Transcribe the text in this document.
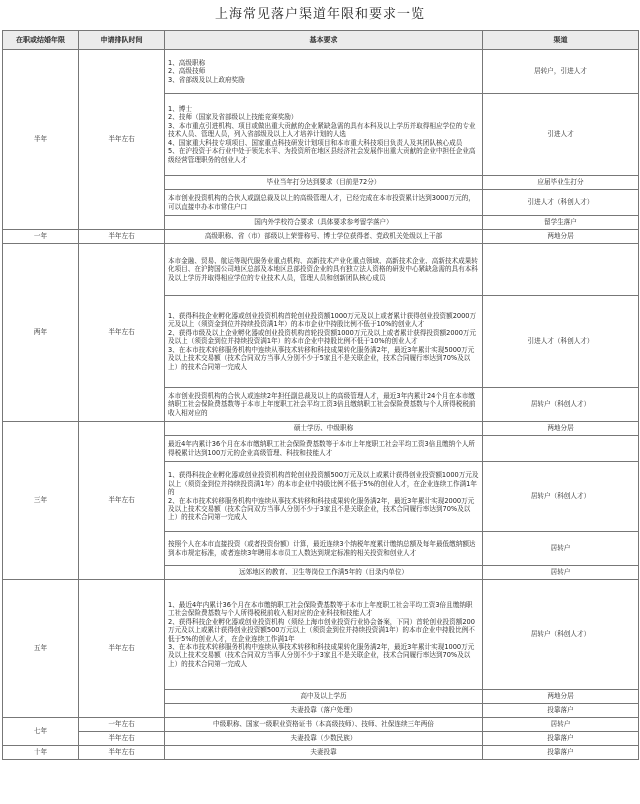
上海常见落户渠道年限和要求一览
在职或结婚年限	申请排队时间	基本要求	渠道
半年	半年左右	1、高级职称
2、高级技师
3、省部级及以上政府奖励	居转户，引进人才
		1、博士
2、技师（国家及省部级以上技能竞赛奖励）
3、本市重点引进机构、项目或做出重大贡献的企业紧缺急需的具有本科及以上学历并取得相应学位的专业技术人员、管理人员，列入省部级及以上人才培养计划的人选
4、国家重大科技专项项目、国家重点科技研发计划项目和本市重大科技项目负责人及其团队核心成员
5、在沪投资于本行业中处于领先水平、为投资所在地区县经济社会发展作出重大贡献的企业中担任企业高级经营管理职务的创业人才	引进人才
		毕业当年打分达到要求（目前是72分）	应届毕业生打分
		本市创业投资机构的合伙人或副总裁及以上的高级管理人才，已经完成在本市投资累计达到3000万元的，可以直接申办本市常住户口	引进人才（科创人才）
		国内外学校符合要求（具体要求参考留学落户）	留学生落户
一年	半年左右	高级职称、省（市）部级以上荣誉称号、博士学位获得者、党政机关处级以上干部	两地分居
两年	半年左右	本市金融、贸易、航运等现代服务业重点机构、高新技术产业化重点领域、高新技术企业、高新技术成果转化项目、在沪跨国公司地区总部及本地区总部投资企业的具有独立法人资格的研发中心紧缺急需的具有本科及以上学历并取得相应学位的专业技术人员，管理人员和创新团队核心成员	
		1、获得科技企业孵化器或创业投资机构首轮创业投资额1000万元及以上或者累计获得创业投资额2000万元及以上（须资金到位并持续投资满1年）的本市企业中持股比例不低于10%的创业人才
2、获得市级及以上企业孵化器或创业投资机构首轮投资额1000万元及以上或者累计获得投资额2000万元及以上（须资金到位并持续投资满1年）的本市企业中持股比例不低于10%的创业人才
3、在本市技术转移服务机构中连续从事技术转移和科技成果转化服务满2年，最近3年累计实现5000万元及以上技术交易额（技术合同双方当事人分别不少于5家且不是关联企业，技术合同履行率达到70%及以上）的技术合同第一完成人	引进人才（科创人才）
		本市创业投资机构的合伙人或连续2年担任副总裁及以上的高级管理人才，最近3年内累计24个月在本市缴纳职工社会保险费基数等于本市上年度职工社会平均工资3倍且缴纳职工社会保险费基数与个人所得税税前收入相对应的	居转户（科创人才）
三年	半年左右	硕士学历、中级职称	两地分居
		最近4年内累计36个月在本市缴纳职工社会保险费基数等于本市上年度职工社会平均工资3倍且缴纳个人所得税累计达到100万元的企业高级管理、科技和技能人才	
		1、获得科技企业孵化器或创业投资机构首轮创业投资额500万元及以上或累计获得创业投资额1000万元及以上（须资金到位并持续投资满1年）的本市企业中持股比例不低于5%的创业人才，在企业连续工作满1年的
2、在本市技术转移服务机构中连续从事技术转移和科技成果转化服务满2年，最近3年累计实现2000万元及以上技术交易额（技术合同双方当事人分别不少于3家且不是关联企业，技术合同履行率达到70%及以上）的技术合同第一完成人	居转户（科创人才）
		按照个人在本市直接投资（或者投资份额）计算，最近连续3个纳税年度累计缴纳总额及每年最低缴纳额达到本市规定标准，或者连续3年聘用本市员工人数达到规定标准的相关投资和创业人才	居转户
		远郊地区的教育、卫生等岗位工作满5年的（目录内单位）	居转户
五年	半年左右	1、最近4年内累计36个月在本市缴纳职工社会保险费基数等于本市上年度职工社会平均工资3倍且缴纳职工社会保险费基数与个人所得税税前收入相对应的企业科技和技能人才
2、获得科技企业孵化器或创业投资机构（须经上海市创业投资行业协会备案，下同）首轮创业投资额200万元及以上或累计获得创业投资额500万元以上（须资金到位并持续投资满1年）的本市企业中持股比例不低于5%的创业人才，在企业连续工作满1年
3、在本市技术转移服务机构中连续从事技术转移和科技成果转化服务满2年，最近3年累计实现1000万元及以上技术交易额（技术合同双方当事人分别不少于3家且不是关联企业，技术合同履行率达到70%及以上）的技术合同第一完成人	居转户（科创人才）
		高中及以上学历	两地分居
		夫妻投靠（落户处理）	投靠落户
七年	一年左右	中级职称、国家一级职业资格证书（本高级技师）、技师、社保连续三年两倍	居转户
	半年左右	夫妻投靠（少数民族）	投靠落户
十年	半年左右	夫妻投靠	投靠落户
